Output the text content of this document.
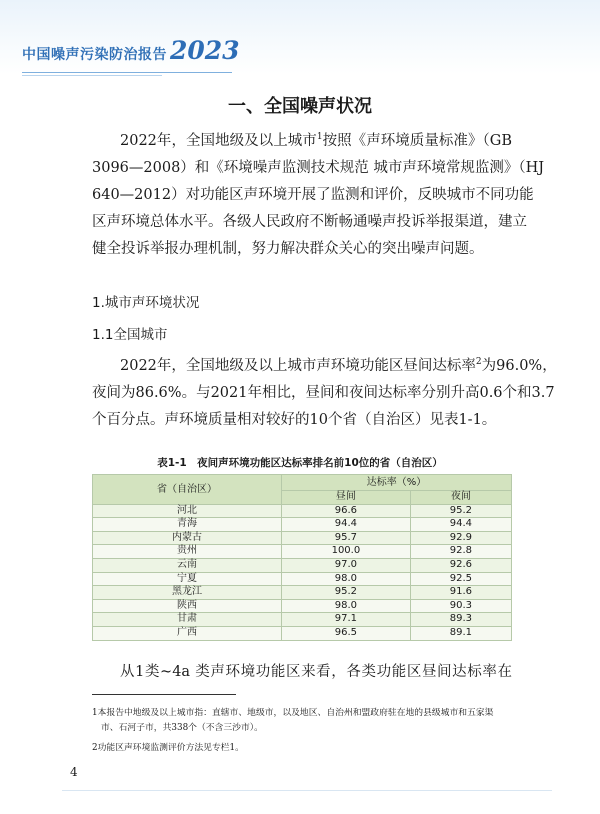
中国噪声污染防治报告 2023
一、全国噪声状况
2022年，全国地级及以上城市$^1$按照《声环境质量标准》（GB
3096—2008）和《环境噪声监测技术规范 城市声环境常规监测》（HJ
640—2012）对功能区声环境开展了监测和评价，反映城市不同功能
区声环境总体水平。各级人民政府不断畅通噪声投诉举报渠道，建立
健全投诉举报办理机制，努力解决群众关心的突出噪声问题。
1.城市声环境状况
1.1全国城市
2022年，全国地级及以上城市声环境功能区昼间达标率$^2$为96.0%，
夜间为86.6%。与2021年相比，昼间和夜间达标率分别升高0.6个和3.7
个百分点。声环境质量相对较好的10个省（自治区）见表1-1。
表1-1　夜间声环境功能区达标率排名前10位的省（自治区）
省（自治区）	达标率（%）	
	昼间	夜间
河北	96.6	95.2
青海	94.4	94.4
内蒙古	95.7	92.9
贵州	100.0	92.8
云南	97.0	92.6
宁夏	98.0	92.5
黑龙江	95.2	91.6
陕西	98.0	90.3
甘肃	97.1	89.3
广西	96.5	89.1
从1类~4a 类声环境功能区来看，各类功能区昼间达标率在
1本报告中地级及以上城市指：直辖市、地级市，以及地区、自治州和盟政府驻在地的县级城市和五家渠
市、石河子市，共338个（不含三沙市）。
2功能区声环境监测评价方法见专栏1。
4
